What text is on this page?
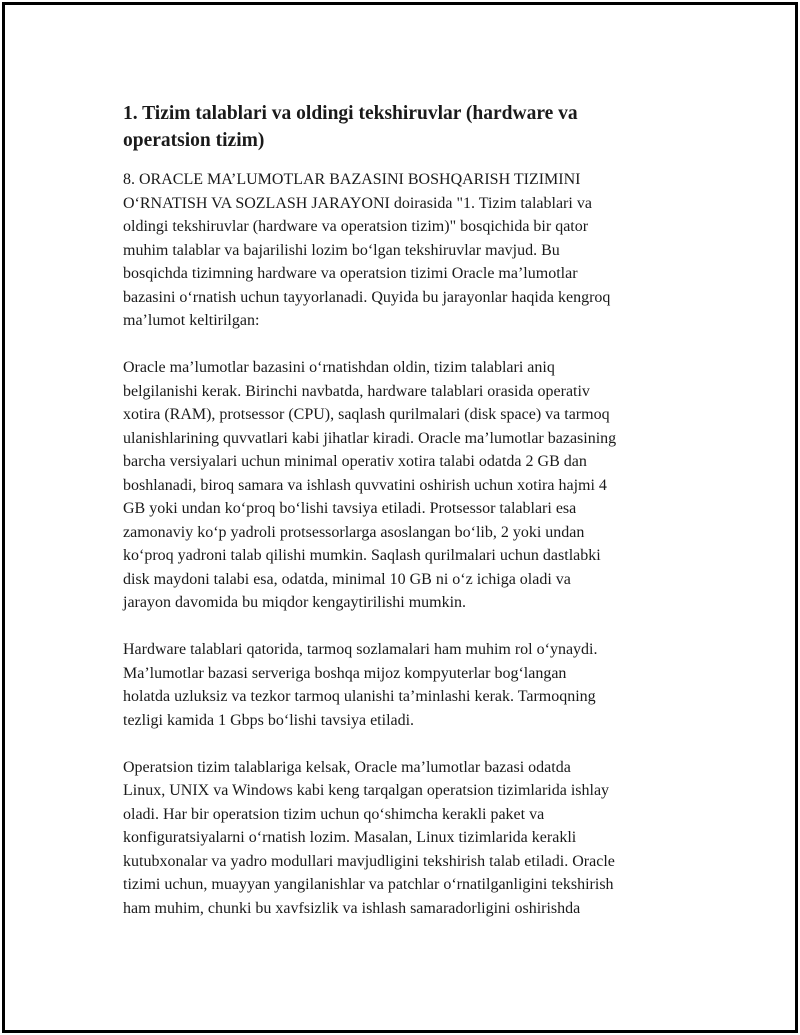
1. Tizim talablari va oldingi tekshiruvlar (hardware va
operatsion tizim)

8. ORACLE MA’LUMOTLAR BAZASINI BOSHQARISH TIZIMINI
O‘RNATISH VA SOZLASH JARAYONI doirasida "1. Tizim talablari va
oldingi tekshiruvlar (hardware va operatsion tizim)" bosqichida bir qator
muhim talablar va bajarilishi lozim bo‘lgan tekshiruvlar mavjud. Bu
bosqichda tizimning hardware va operatsion tizimi Oracle ma’lumotlar
bazasini o‘rnatish uchun tayyorlanadi. Quyida bu jarayonlar haqida kengroq
ma’lumot keltirilgan:

Oracle ma’lumotlar bazasini o‘rnatishdan oldin, tizim talablari aniq
belgilanishi kerak. Birinchi navbatda, hardware talablari orasida operativ
xotira (RAM), protsessor (CPU), saqlash qurilmalari (disk space) va tarmoq
ulanishlarining quvvatlari kabi jihatlar kiradi. Oracle ma’lumotlar bazasining
barcha versiyalari uchun minimal operativ xotira talabi odatda 2 GB dan
boshlanadi, biroq samara va ishlash quvvatini oshirish uchun xotira hajmi 4
GB yoki undan ko‘proq bo‘lishi tavsiya etiladi. Protsessor talablari esa
zamonaviy ko‘p yadroli protsessorlarga asoslangan bo‘lib, 2 yoki undan
ko‘proq yadroni talab qilishi mumkin. Saqlash qurilmalari uchun dastlabki
disk maydoni talabi esa, odatda, minimal 10 GB ni o‘z ichiga oladi va
jarayon davomida bu miqdor kengaytirilishi mumkin.

Hardware talablari qatorida, tarmoq sozlamalari ham muhim rol o‘ynaydi.
Ma’lumotlar bazasi serveriga boshqa mijoz kompyuterlar bog‘langan
holatda uzluksiz va tezkor tarmoq ulanishi ta’minlashi kerak. Tarmoqning
tezligi kamida 1 Gbps bo‘lishi tavsiya etiladi.

Operatsion tizim talablariga kelsak, Oracle ma’lumotlar bazasi odatda
Linux, UNIX va Windows kabi keng tarqalgan operatsion tizimlarida ishlay
oladi. Har bir operatsion tizim uchun qo‘shimcha kerakli paket va
konfiguratsiyalarni o‘rnatish lozim. Masalan, Linux tizimlarida kerakli
kutubxonalar va yadro modullari mavjudligini tekshirish talab etiladi. Oracle
tizimi uchun, muayyan yangilanishlar va patchlar o‘rnatilganligini tekshirish
ham muhim, chunki bu xavfsizlik va ishlash samaradorligini oshirishda
